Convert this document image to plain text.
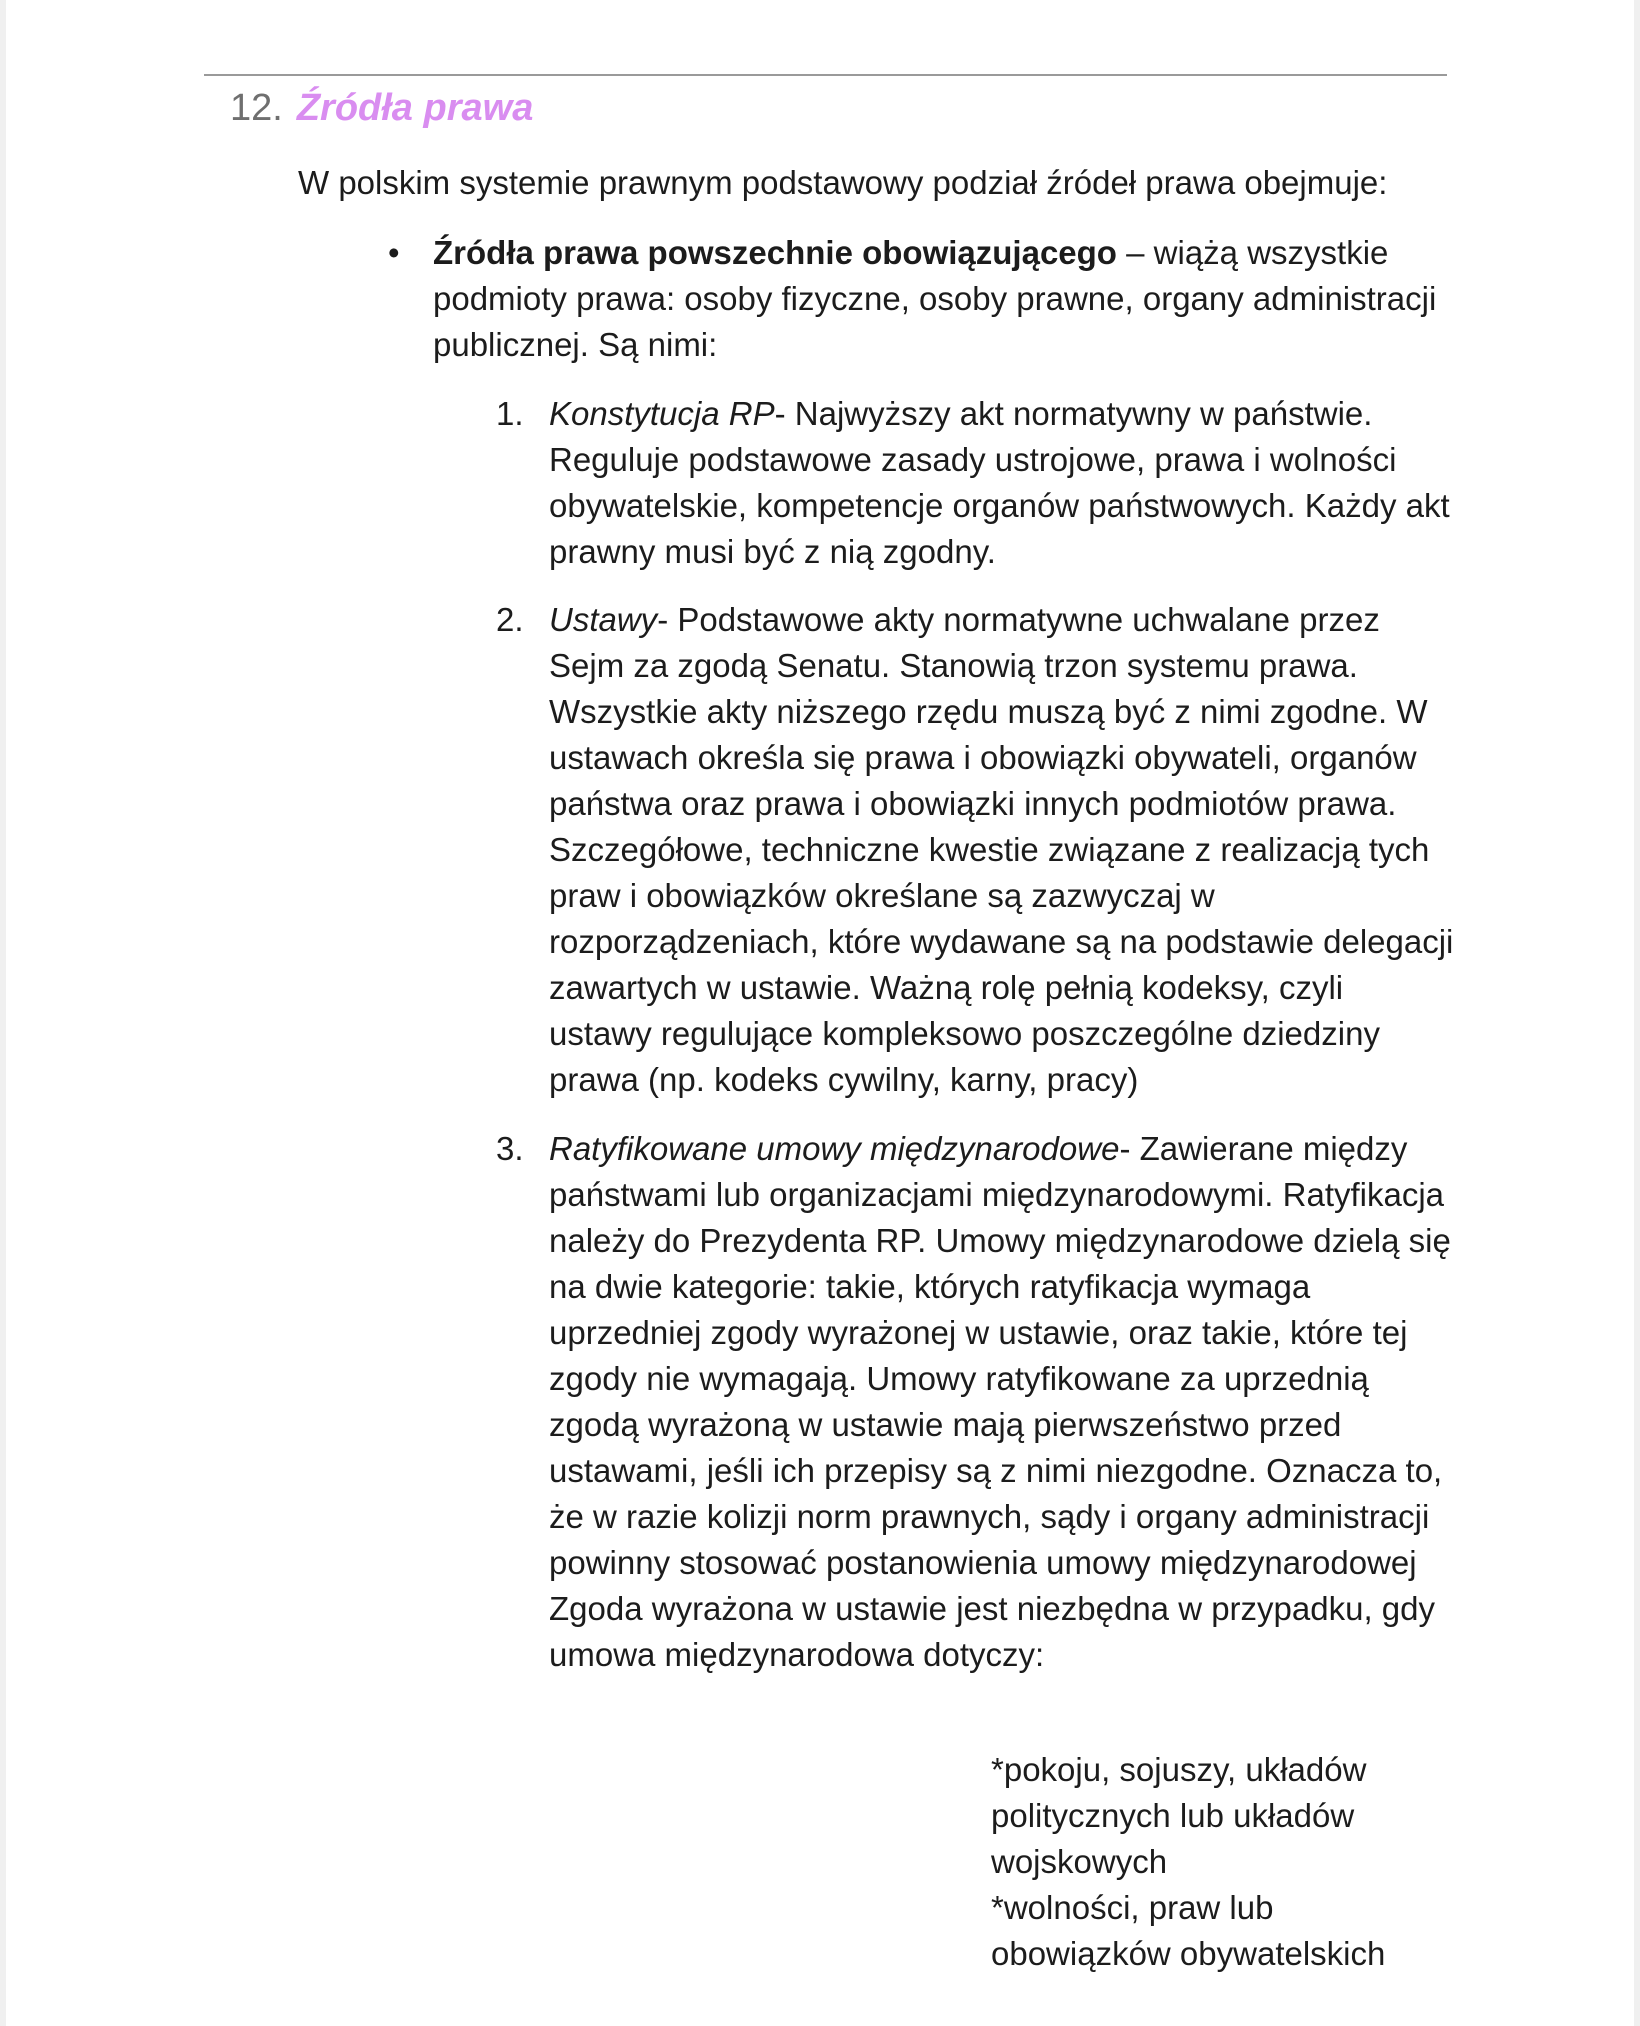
12. Źródła prawa
W polskim systemie prawnym podstawowy podział źródeł prawa obejmuje:
• Źródła prawa powszechnie obowiązującego – wiążą wszystkie podmioty prawa: osoby fizyczne, osoby prawne, organy administracji publicznej. Są nimi:
1. Konstytucja RP- Najwyższy akt normatywny w państwie. Reguluje podstawowe zasady ustrojowe, prawa i wolności obywatelskie, kompetencje organów państwowych. Każdy akt prawny musi być z nią zgodny.
2. Ustawy- Podstawowe akty normatywne uchwalane przez Sejm za zgodą Senatu. Stanowią trzon systemu prawa. Wszystkie akty niższego rzędu muszą być z nimi zgodne. W ustawach określa się prawa i obowiązki obywateli, organów państwa oraz prawa i obowiązki innych podmiotów prawa. Szczegółowe, techniczne kwestie związane z realizacją tych praw i obowiązków określane są zazwyczaj w rozporządzeniach, które wydawane są na podstawie delegacji zawartych w ustawie. Ważną rolę pełnią kodeksy, czyli ustawy regulujące kompleksowo poszczególne dziedziny prawa (np. kodeks cywilny, karny, pracy)
3. Ratyfikowane umowy międzynarodowe- Zawierane między państwami lub organizacjami międzynarodowymi. Ratyfikacja należy do Prezydenta RP. Umowy międzynarodowe dzielą się na dwie kategorie: takie, których ratyfikacja wymaga uprzedniej zgody wyrażonej w ustawie, oraz takie, które tej zgody nie wymagają. Umowy ratyfikowane za uprzednią zgodą wyrażoną w ustawie mają pierwszeństwo przed ustawami, jeśli ich przepisy są z nimi niezgodne. Oznacza to, że w razie kolizji norm prawnych, sądy i organy administracji powinny stosować postanowienia umowy międzynarodowej Zgoda wyrażona w ustawie jest niezbędna w przypadku, gdy umowa międzynarodowa dotyczy:
*pokoju, sojuszy, układów politycznych lub układów wojskowych
*wolności, praw lub obowiązków obywatelskich
